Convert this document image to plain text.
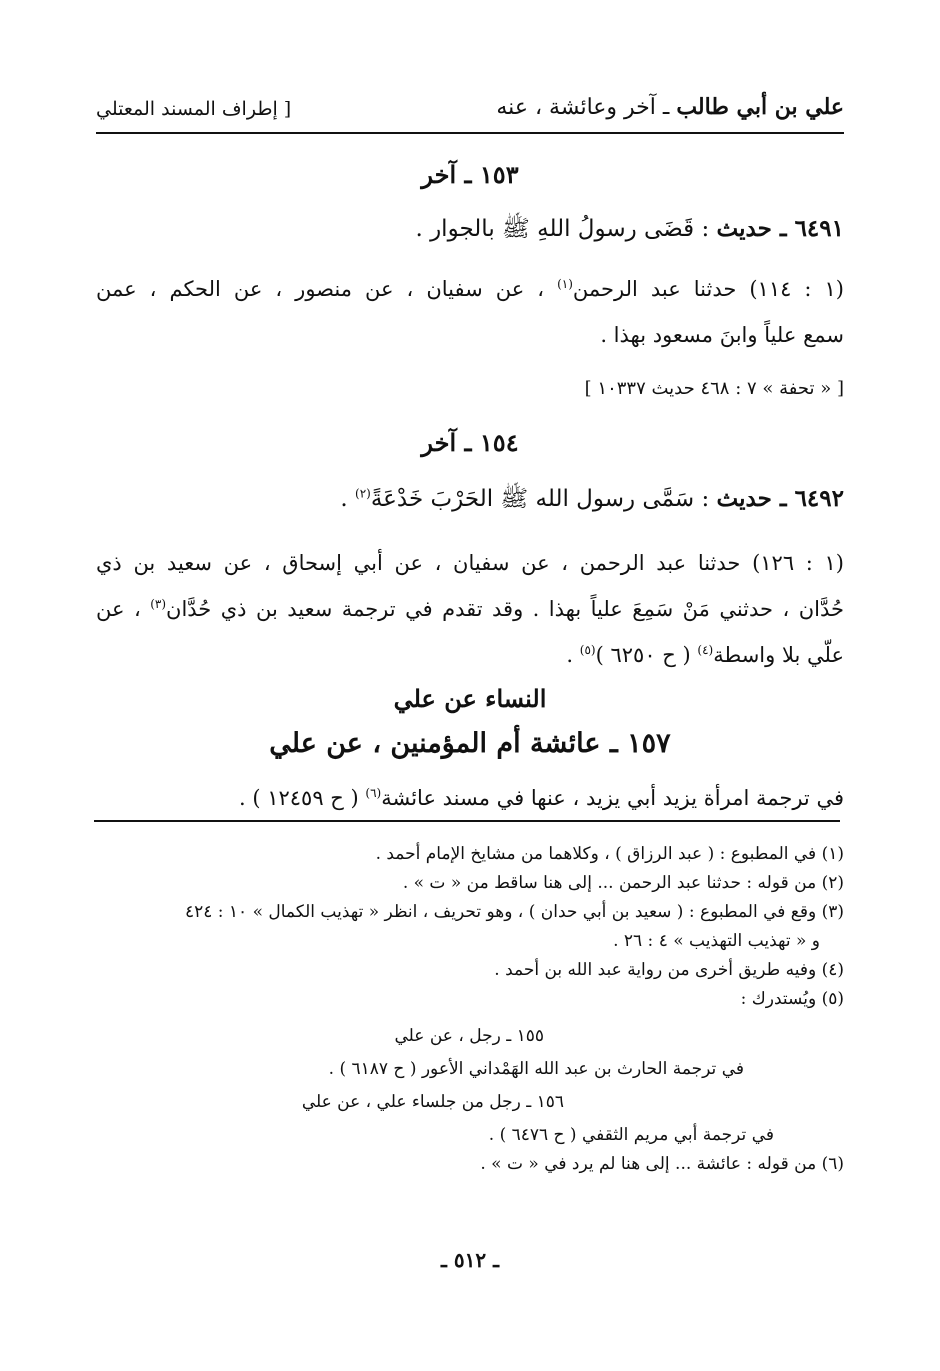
علي بن أبي طالب ـ آخر وعائشة ، عنه
[ إطراف المسند المعتلي
١٥٣ ـ آخر
٦٤٩١ ـ حديث : قَضَى رسولُ اللهِ ﷺ بالجوار .
(١ : ١١٤) حدثنا عبد الرحمن$^{(١)}$ ، عن سفيان ، عن منصور ، عن الحكم ، عمن
سمع علياً وابنَ مسعود بهذا .
[ « تحفة » ٧ : ٤٦٨ حديث ١٠٣٣٧ ]
١٥٤ ـ آخر
٦٤٩٢ ـ حديث : سَمَّى رسول الله ﷺ الحَرْبَ خَدْعَةً$^{(٢)}$ .
(١ : ١٢٦) حدثنا عبد الرحمن ، عن سفيان ، عن أبي إسحاق ، عن سعيد بن ذي
حُدَّان ، حدثني مَنْ سَمِعَ علياً بهذا . وقد تقدم في ترجمة سعيد بن ذي حُدَّان$^{(٣)}$ ، عن
علّي بلا واسطة$^{(٤)}$ ( ح ٦٢٥٠ )$^{(٥)}$ .
النساء عن علي
١٥٧ ـ عائشة أم المؤمنين ، عن علي
في ترجمة امرأة يزيد أبي يزيد ، عنها في مسند عائشة$^{(٦)}$ ( ح ١٢٤٥٩ ) .
(١) في المطبوع : ( عبد الرزاق ) ، وكلاهما من مشايخ الإمام أحمد .
(٢) من قوله : حدثنا عبد الرحمن ... إلى هنا ساقط من « ت » .
(٣) وقع في المطبوع : ( سعيد بن أبي حدان ) ، وهو تحريف ، انظر « تهذيب الكمال » ١٠ : ٤٢٤
و « تهذيب التهذيب » ٤ : ٢٦ .
(٤) وفيه طريق أخرى من رواية عبد الله بن أحمد .
(٥) ويُستدرك :
١٥٥ ـ رجل ، عن علي
في ترجمة الحارث بن عبد الله الهَمْداني الأعور ( ح ٦١٨٧ ) .
١٥٦ ـ رجل من جلساء علي ، عن علي
في ترجمة أبي مريم الثقفي ( ح ٦٤٧٦ ) .
(٦) من قوله : عائشة ... إلى هنا لم يرد في « ت » .
ـ ٥١٢ ـ
